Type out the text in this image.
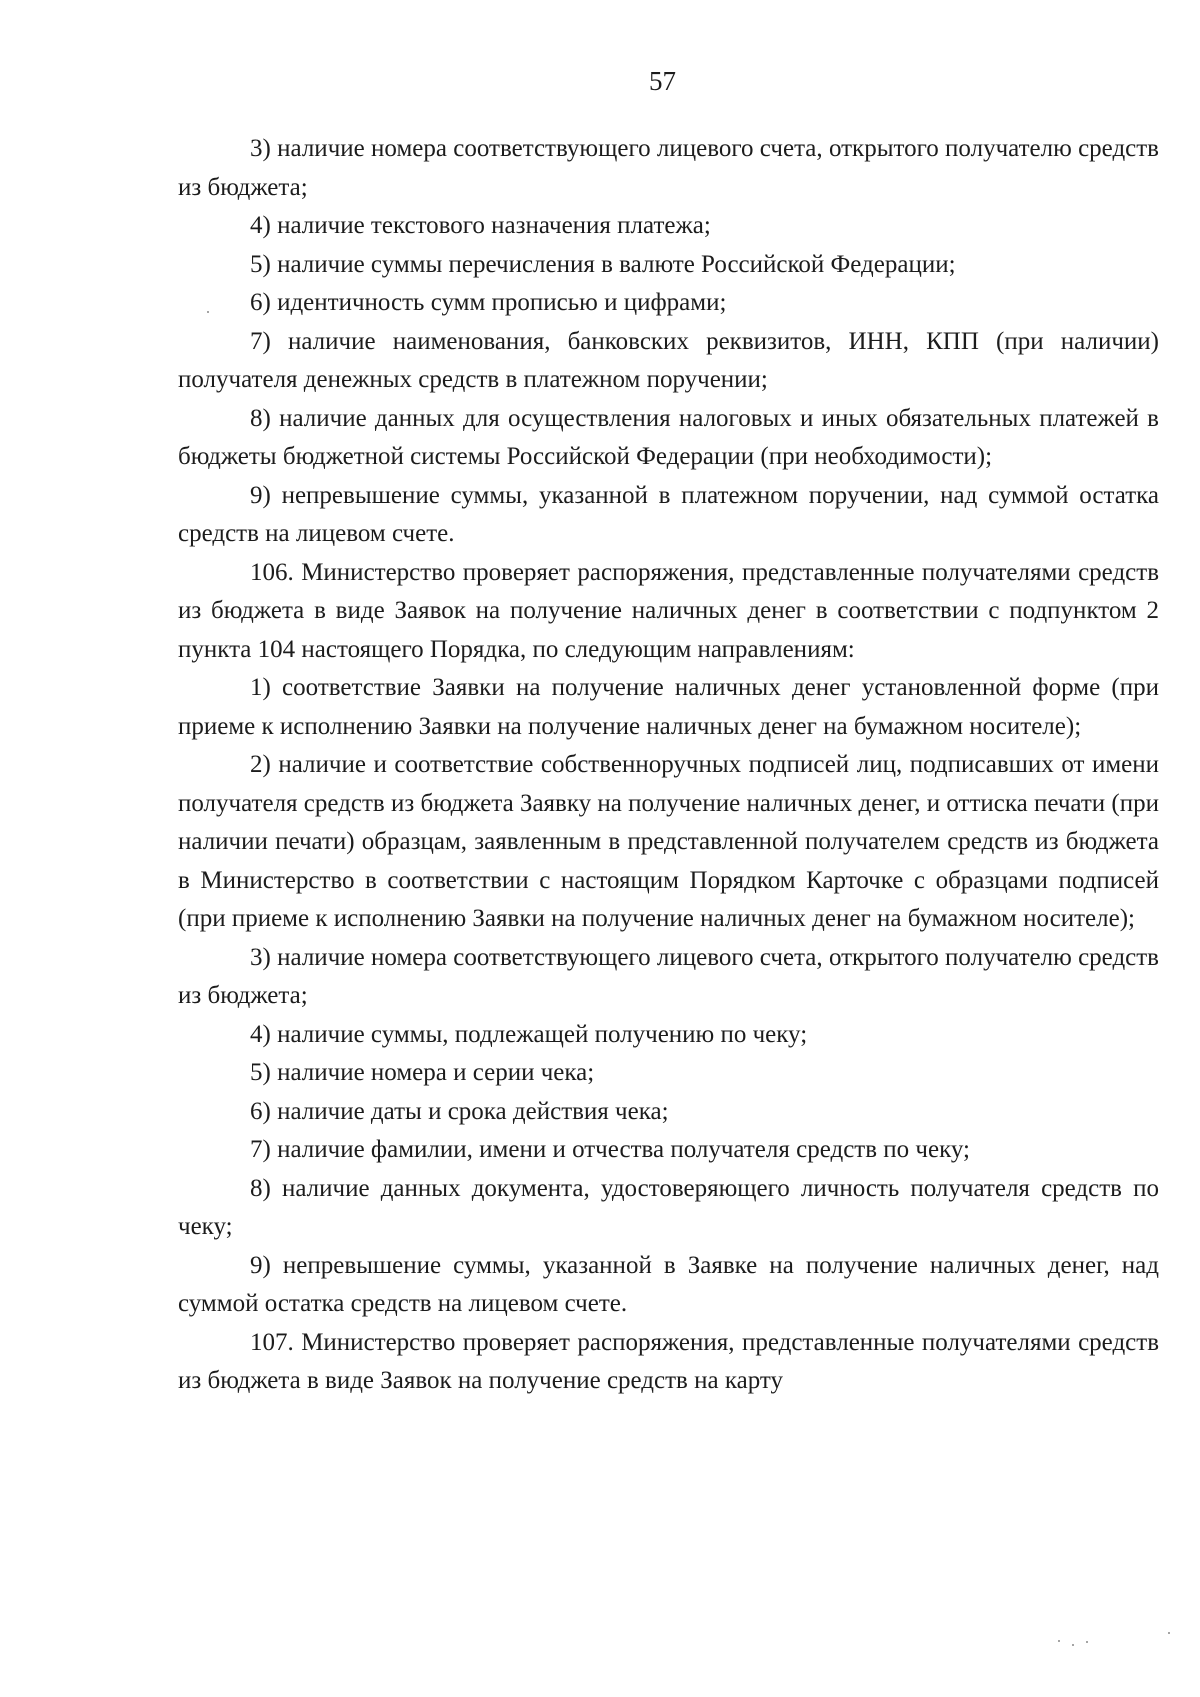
57

3) наличие номера соответствующего лицевого счета, открытого получателю средств из бюджета;

4) наличие текстового назначения платежа;

5) наличие суммы перечисления в валюте Российской Федерации;

6) идентичность сумм прописью и цифрами;

7) наличие наименования, банковских реквизитов, ИНН, КПП (при наличии) получателя денежных средств в платежном поручении;

8) наличие данных для осуществления налоговых и иных обязательных платежей в бюджеты бюджетной системы Российской Федерации (при необходимости);

9) непревышение суммы, указанной в платежном поручении, над суммой остатка средств на лицевом счете.

106. Министерство проверяет распоряжения, представленные получателями средств из бюджета в виде Заявок на получение наличных денег в соответствии с подпунктом 2 пункта 104 настоящего Порядка, по следующим направлениям:

1) соответствие Заявки на получение наличных денег установленной форме (при приеме к исполнению Заявки на получение наличных денег на бумажном носителе);

2) наличие и соответствие собственноручных подписей лиц, подписавших от имени получателя средств из бюджета Заявку на получение наличных денег, и оттиска печати (при наличии печати) образцам, заявленным в представленной получателем средств из бюджета в Министерство в соответствии с настоящим Порядком Карточке с образцами подписей (при приеме к исполнению Заявки на получение наличных денег на бумажном носителе);

3) наличие номера соответствующего лицевого счета, открытого получателю средств из бюджета;

4) наличие суммы, подлежащей получению по чеку;

5) наличие номера и серии чека;

6) наличие даты и срока действия чека;

7) наличие фамилии, имени и отчества получателя средств по чеку;

8) наличие данных документа, удостоверяющего личность получателя средств по чеку;

9) непревышение суммы, указанной в Заявке на получение наличных денег, над суммой остатка средств на лицевом счете.

107. Министерство проверяет распоряжения, представленные получателями средств из бюджета в виде Заявок на получение средств на карту
